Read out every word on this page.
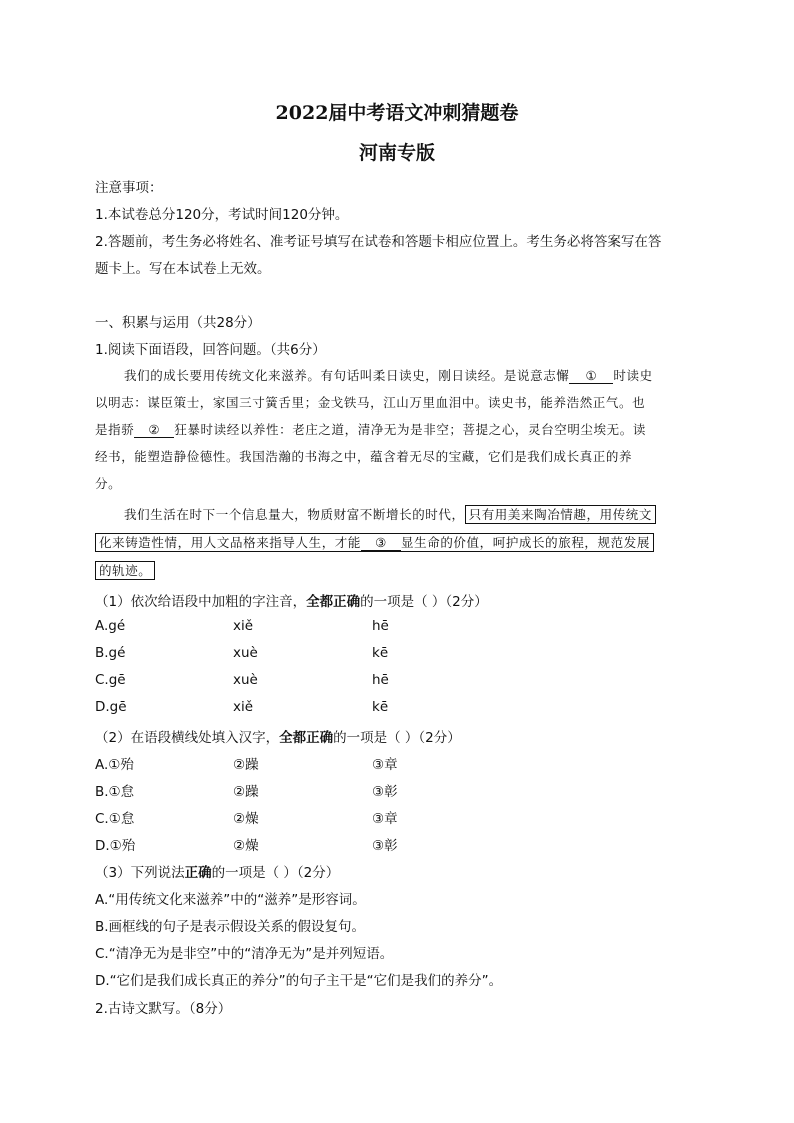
2022届中考语文冲刺猜题卷
河南专版
注意事项：
1.本试卷总分120分，考试时间120分钟。
2.答题前，考生务必将姓名、准考证号填写在试卷和答题卡相应位置上。考生务必将答案写在答
题卡上。写在本试卷上无效。
一、积累与运用（共28分）
1.阅读下面语段，回答问题。（共6分）
我们的成长要用传统文化来滋养。有句话叫柔日读史，刚日读经。是说意志懈 ① 时读史
以明志：谋臣策士，家国三寸簧舌里；金戈铁马，江山万里血泪中。读史书，能养浩然正气。也
是指骄 ② 狂暴时读经以养性：老庄之道，清净无为是非空；菩提之心，灵台空明尘埃无。读
经书，能塑造静俭德性。我国浩瀚的书海之中，蕴含着无尽的宝藏，它们是我们成长真正的养
分。
我们生活在时下一个信息量大，物质财富不断增长的时代， 只有用美来陶冶情趣，用传统文
化来铸造性情，用人文品格来指导人生，才能 ③ 显生命的价值，呵护成长的旅程，规范发展
的轨迹。
（1）依次给语段中加粗的字注音，全都正确的一项是（ ）（2分）
A.gé	xiě	hē
B.gé	xuè	kē
C.gē	xuè	hē
D.gē	xiě	kē
（2）在语段横线处填入汉字，全都正确的一项是（ ）（2分）
A.①殆	②躁	③章
B.①怠	②躁	③彰
C.①怠	②燥	③章
D.①殆	②燥	③彰
（3）下列说法正确的一项是（ ）（2分）
A.“用传统文化来滋养”中的“滋养”是形容词。
B.画框线的句子是表示假设关系的假设复句。
C.“清净无为是非空”中的“清净无为”是并列短语。
D.“它们是我们成长真正的养分”的句子主干是“它们是我们的养分”。
2.古诗文默写。（8分）
